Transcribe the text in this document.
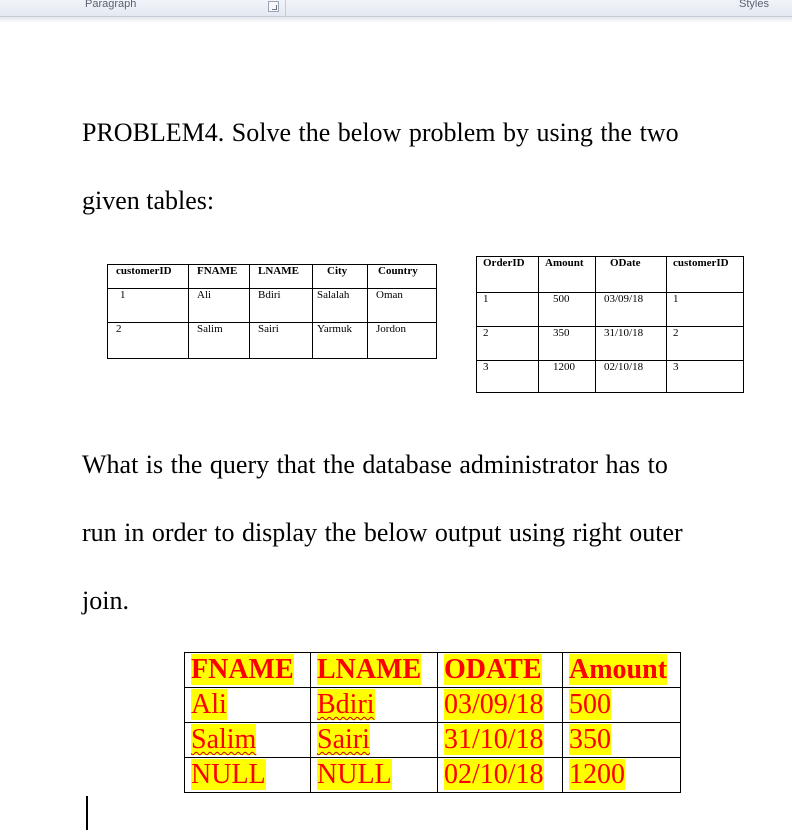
Paragraph	Styles

PROBLEM4. Solve the below problem by using the two

given tables:

customerID	FNAME	LNAME	City	Country
1	Ali	Bdiri	Salalah	Oman
2	Salim	Sairi	Yarmuk	Jordon
OrderID	Amount	ODate	customerID
1	500	03/09/18	1
2	350	31/10/18	2
3	1200	02/10/18	3

What is the query that the database administrator has to

run in order to display the below output using right outer

join.

FNAME	LNAME	ODATE	Amount
Ali	Bdiri	03/09/18	500
Salim	Sairi	31/10/18	350
NULL	NULL	02/10/18	1200
